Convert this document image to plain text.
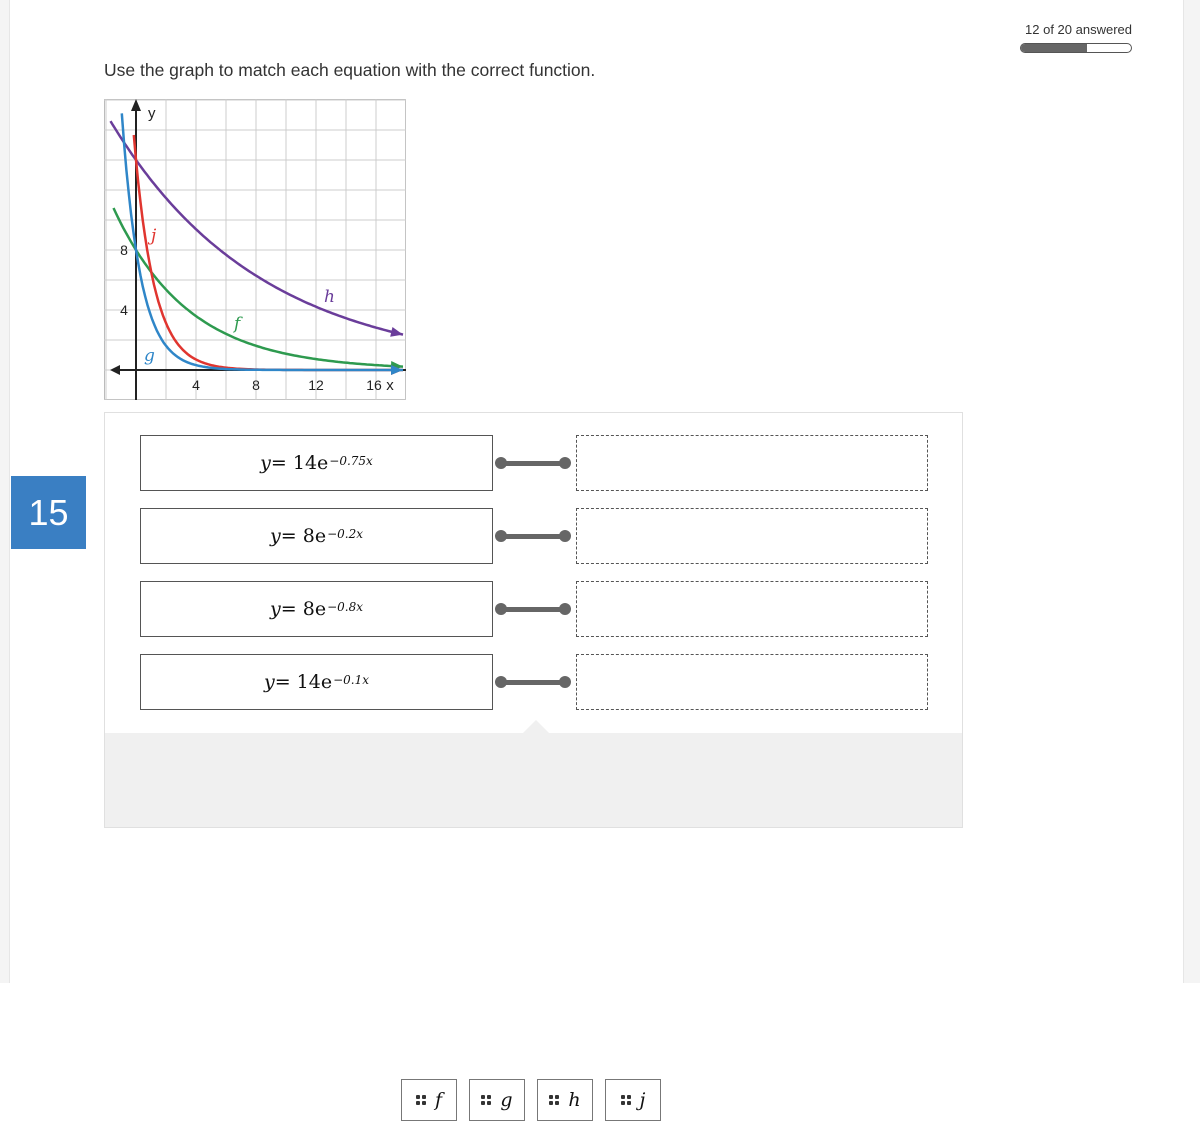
12 of 20 answered
15
Use the graph to match each equation with the correct function.
4	8	12	16 x
4
8
y
j
h
f
g
$y = 14e^{-0.75x}$
$y = 8e^{-0.2x}$
$y = 8e^{-0.8x}$
$y = 14e^{-0.1x}$
f	g	h	j
